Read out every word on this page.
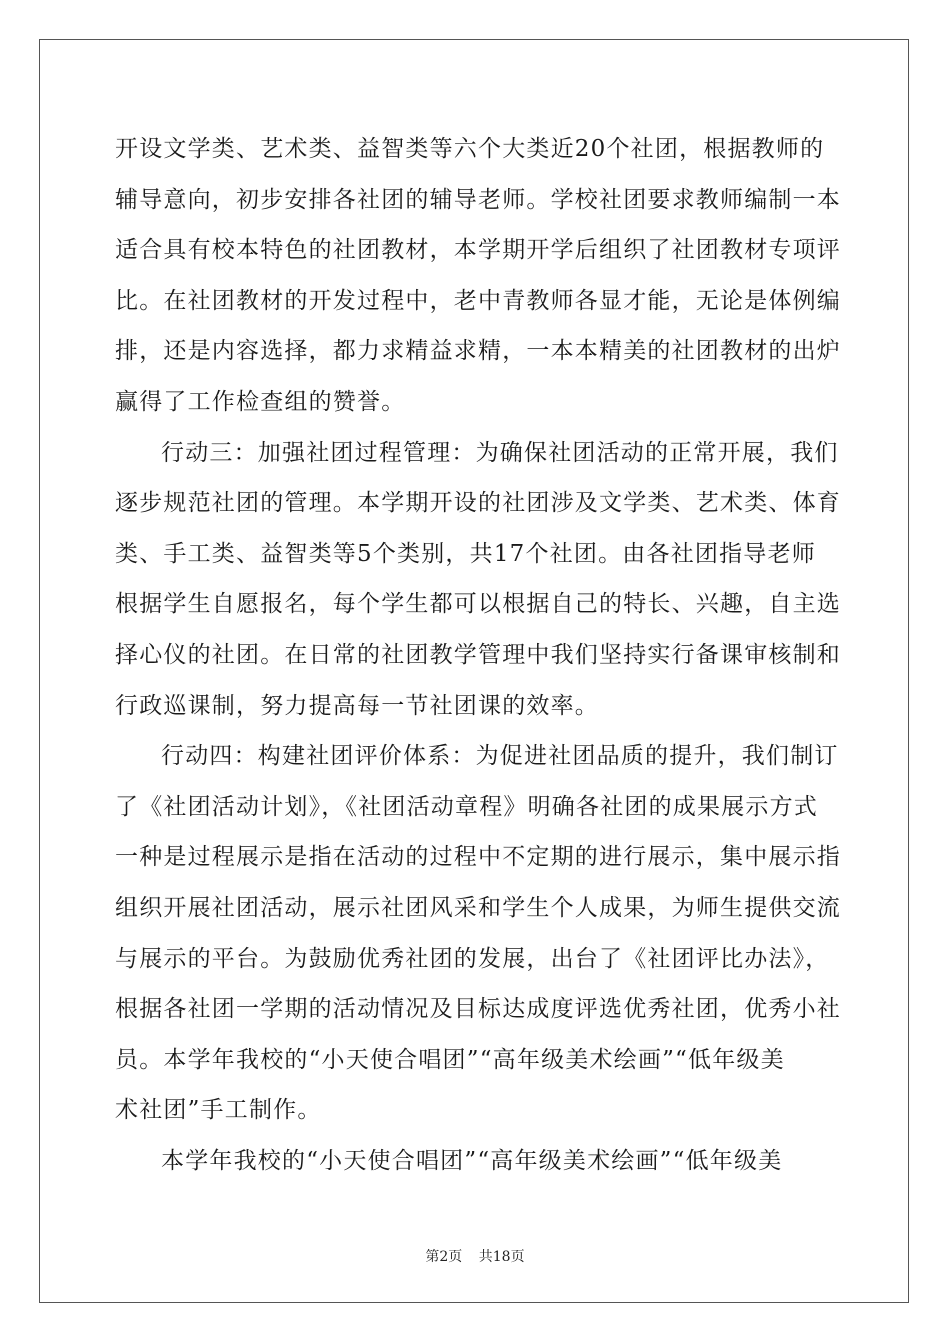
开设文学类、艺术类、益智类等六个大类近20个社团，根据教师的
辅导意向，初步安排各社团的辅导老师。学校社团要求教师编制一本
适合具有校本特色的社团教材，本学期开学后组织了社团教材专项评
比。在社团教材的开发过程中，老中青教师各显才能，无论是体例编
排，还是内容选择，都力求精益求精，一本本精美的社团教材的出炉
赢得了工作检查组的赞誉。
行动三：加强社团过程管理：为确保社团活动的正常开展，我们
逐步规范社团的管理。本学期开设的社团涉及文学类、艺术类、体育
类、手工类、益智类等5个类别，共17个社团。由各社团指导老师
根据学生自愿报名，每个学生都可以根据自己的特长、兴趣，自主选
择心仪的社团。在日常的社团教学管理中我们坚持实行备课审核制和
行政巡课制，努力提高每一节社团课的效率。
行动四：构建社团评价体系：为促进社团品质的提升，我们制订
了《社团活动计划》，《社团活动章程》明确各社团的成果展示方式
一种是过程展示是指在活动的过程中不定期的进行展示，集中展示指
组织开展社团活动，展示社团风采和学生个人成果，为师生提供交流
与展示的平台。为鼓励优秀社团的发展，出台了《社团评比办法》，
根据各社团一学期的活动情况及目标达成度评选优秀社团，优秀小社
员。本学年我校的“小天使合唱团”“高年级美术绘画”“低年级美
术社团”手工制作。
本学年我校的“小天使合唱团”“高年级美术绘画”“低年级美
第2页 共18页
